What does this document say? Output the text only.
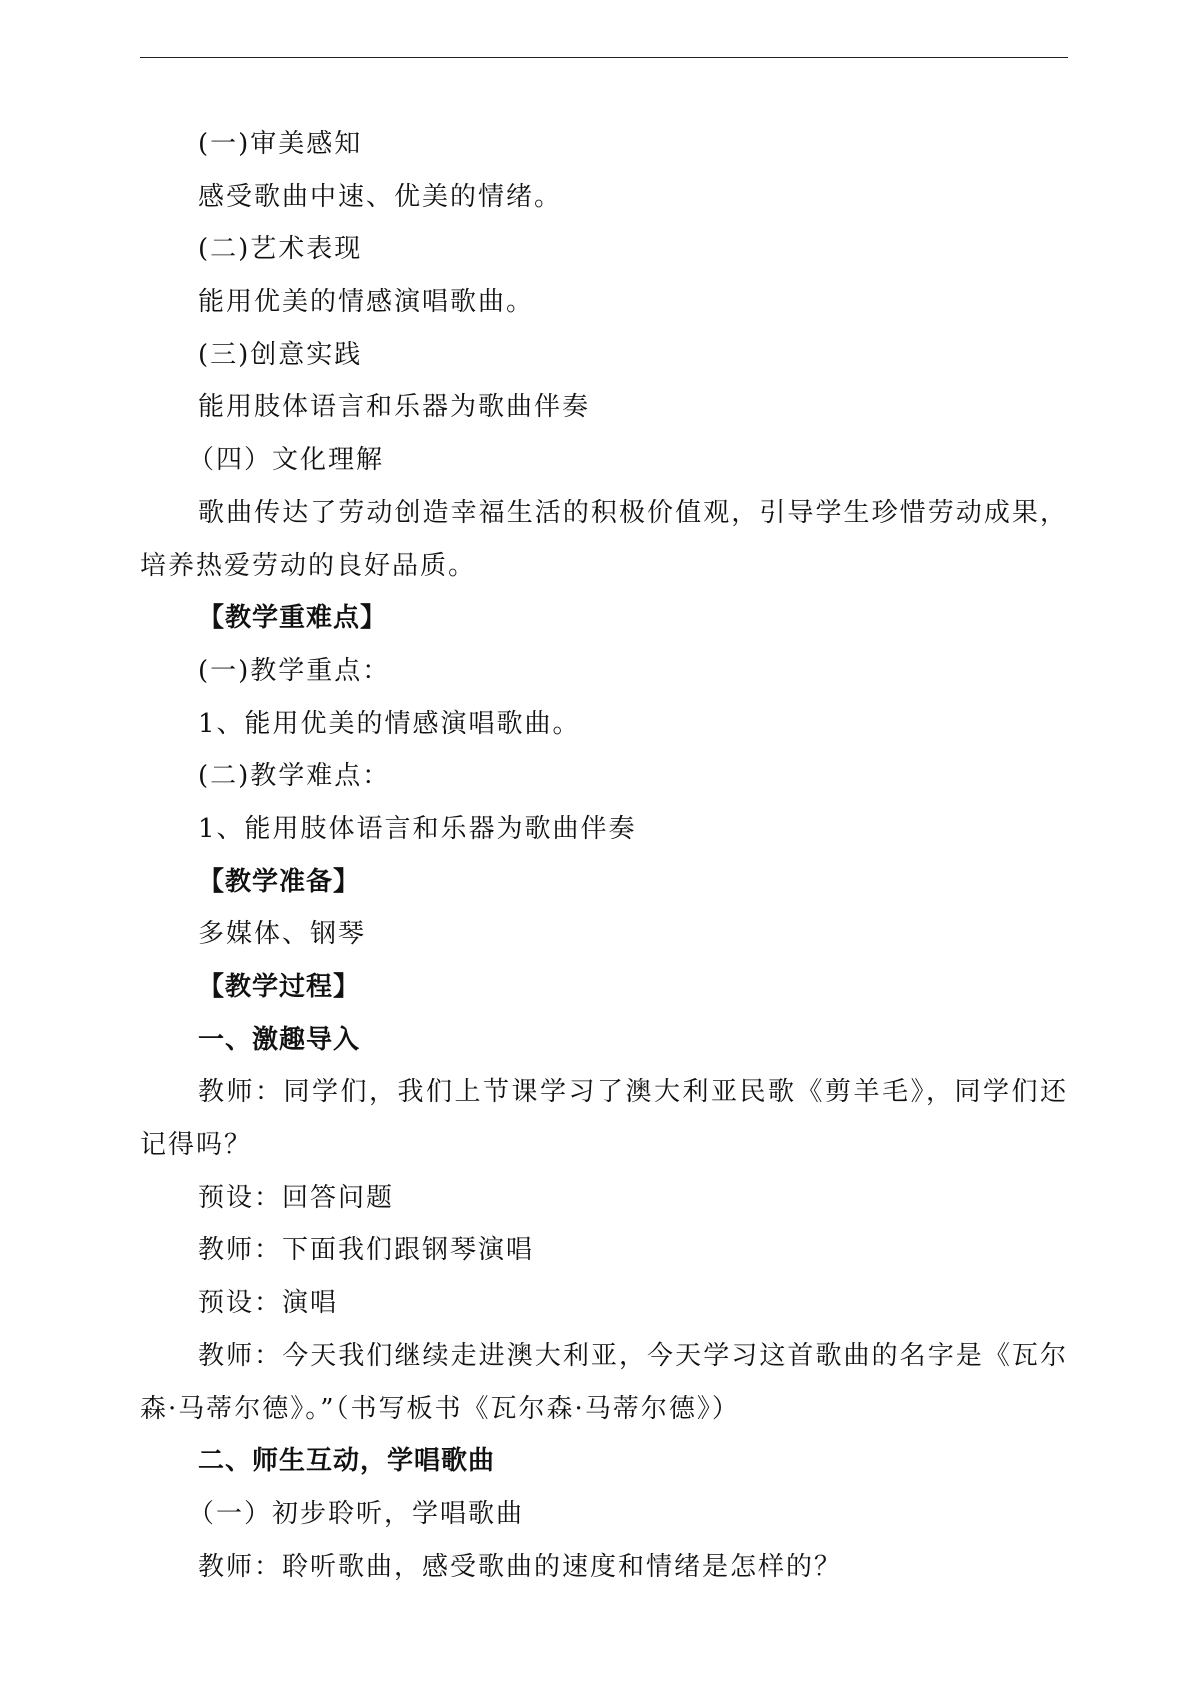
(一)审美感知
感受歌曲中速、优美的情绪。
(二)艺术表现
能用优美的情感演唱歌曲。
(三)创意实践
能用肢体语言和乐器为歌曲伴奏
（四）文化理解
歌曲传达了劳动创造幸福生活的积极价值观，引导学生珍惜劳动成果，
培养热爱劳动的良好品质。
【教学重难点】
(一)教学重点：
1、能用优美的情感演唱歌曲。
(二)教学难点：
1、能用肢体语言和乐器为歌曲伴奏
【教学准备】
多媒体、钢琴
【教学过程】
一、激趣导入
教师：同学们，我们上节课学习了澳大利亚民歌《剪羊毛》，同学们还
记得吗？
预设：回答问题
教师：下面我们跟钢琴演唱
预设：演唱
教师：今天我们继续走进澳大利亚，今天学习这首歌曲的名字是《瓦尔
森·马蒂尔德》。”（书写板书《瓦尔森·马蒂尔德》）
二、师生互动，学唱歌曲
（一）初步聆听，学唱歌曲
教师：聆听歌曲，感受歌曲的速度和情绪是怎样的？
